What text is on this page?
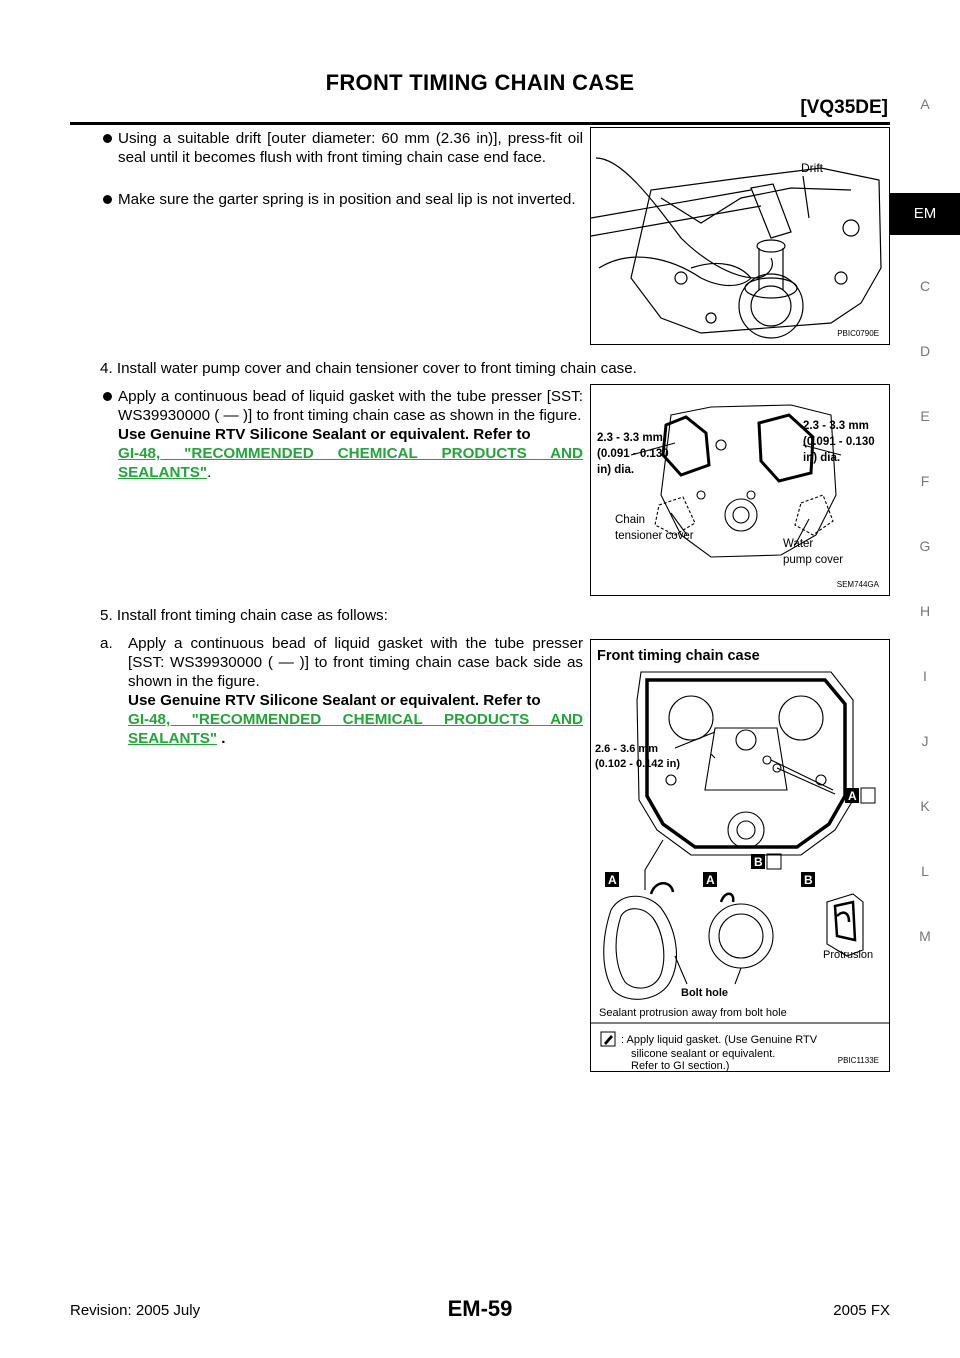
FRONT TIMING CHAIN CASE
[VQ35DE]	A
EM
C
D
E
F
G
H
I
J
K
L
M
Using a suitable drift [outer diameter: 60 mm (2.36 in)], press-fit oil seal until it becomes flush with front timing chain case end face.
Make sure the garter spring is in position and seal lip is not inverted.
Drift
PBIC0790E
4. Install water pump cover and chain tensioner cover to front timing chain case.
Apply a continuous bead of liquid gasket with the tube presser [SST: WS39930000 ( — )] to front timing chain case as shown in the figure.
Use Genuine RTV Silicone Sealant or equivalent. Refer to
GI-48, "RECOMMENDED CHEMICAL PRODUCTS AND SEALANTS".
2.3 - 3.3 mm
(0.091 - 0.130
in) dia.
2.3 - 3.3 mm
(0.091 - 0.130
in) dia.
Chain
tensioner cover
Water
pump cover
SEM744GA
5. Install front timing chain case as follows:
a. Apply a continuous bead of liquid gasket with the tube presser [SST: WS39930000 ( — )] to front timing chain case back side as shown in the figure.
Use Genuine RTV Silicone Sealant or equivalent. Refer to
GI-48, "RECOMMENDED CHEMICAL PRODUCTS AND SEALANTS" .
Front timing chain case
2.6 - 3.6 mm
(0.102 - 0.142 in)
A
B
A	A	B
Bolt hole
Protrusion
Sealant protrusion away from bolt hole
: Apply liquid gasket. (Use Genuine RTV
silicone sealant or equivalent.
Refer to GI section.)	PBIC1133E
Revision: 2005 July	EM-59	2005 FX
